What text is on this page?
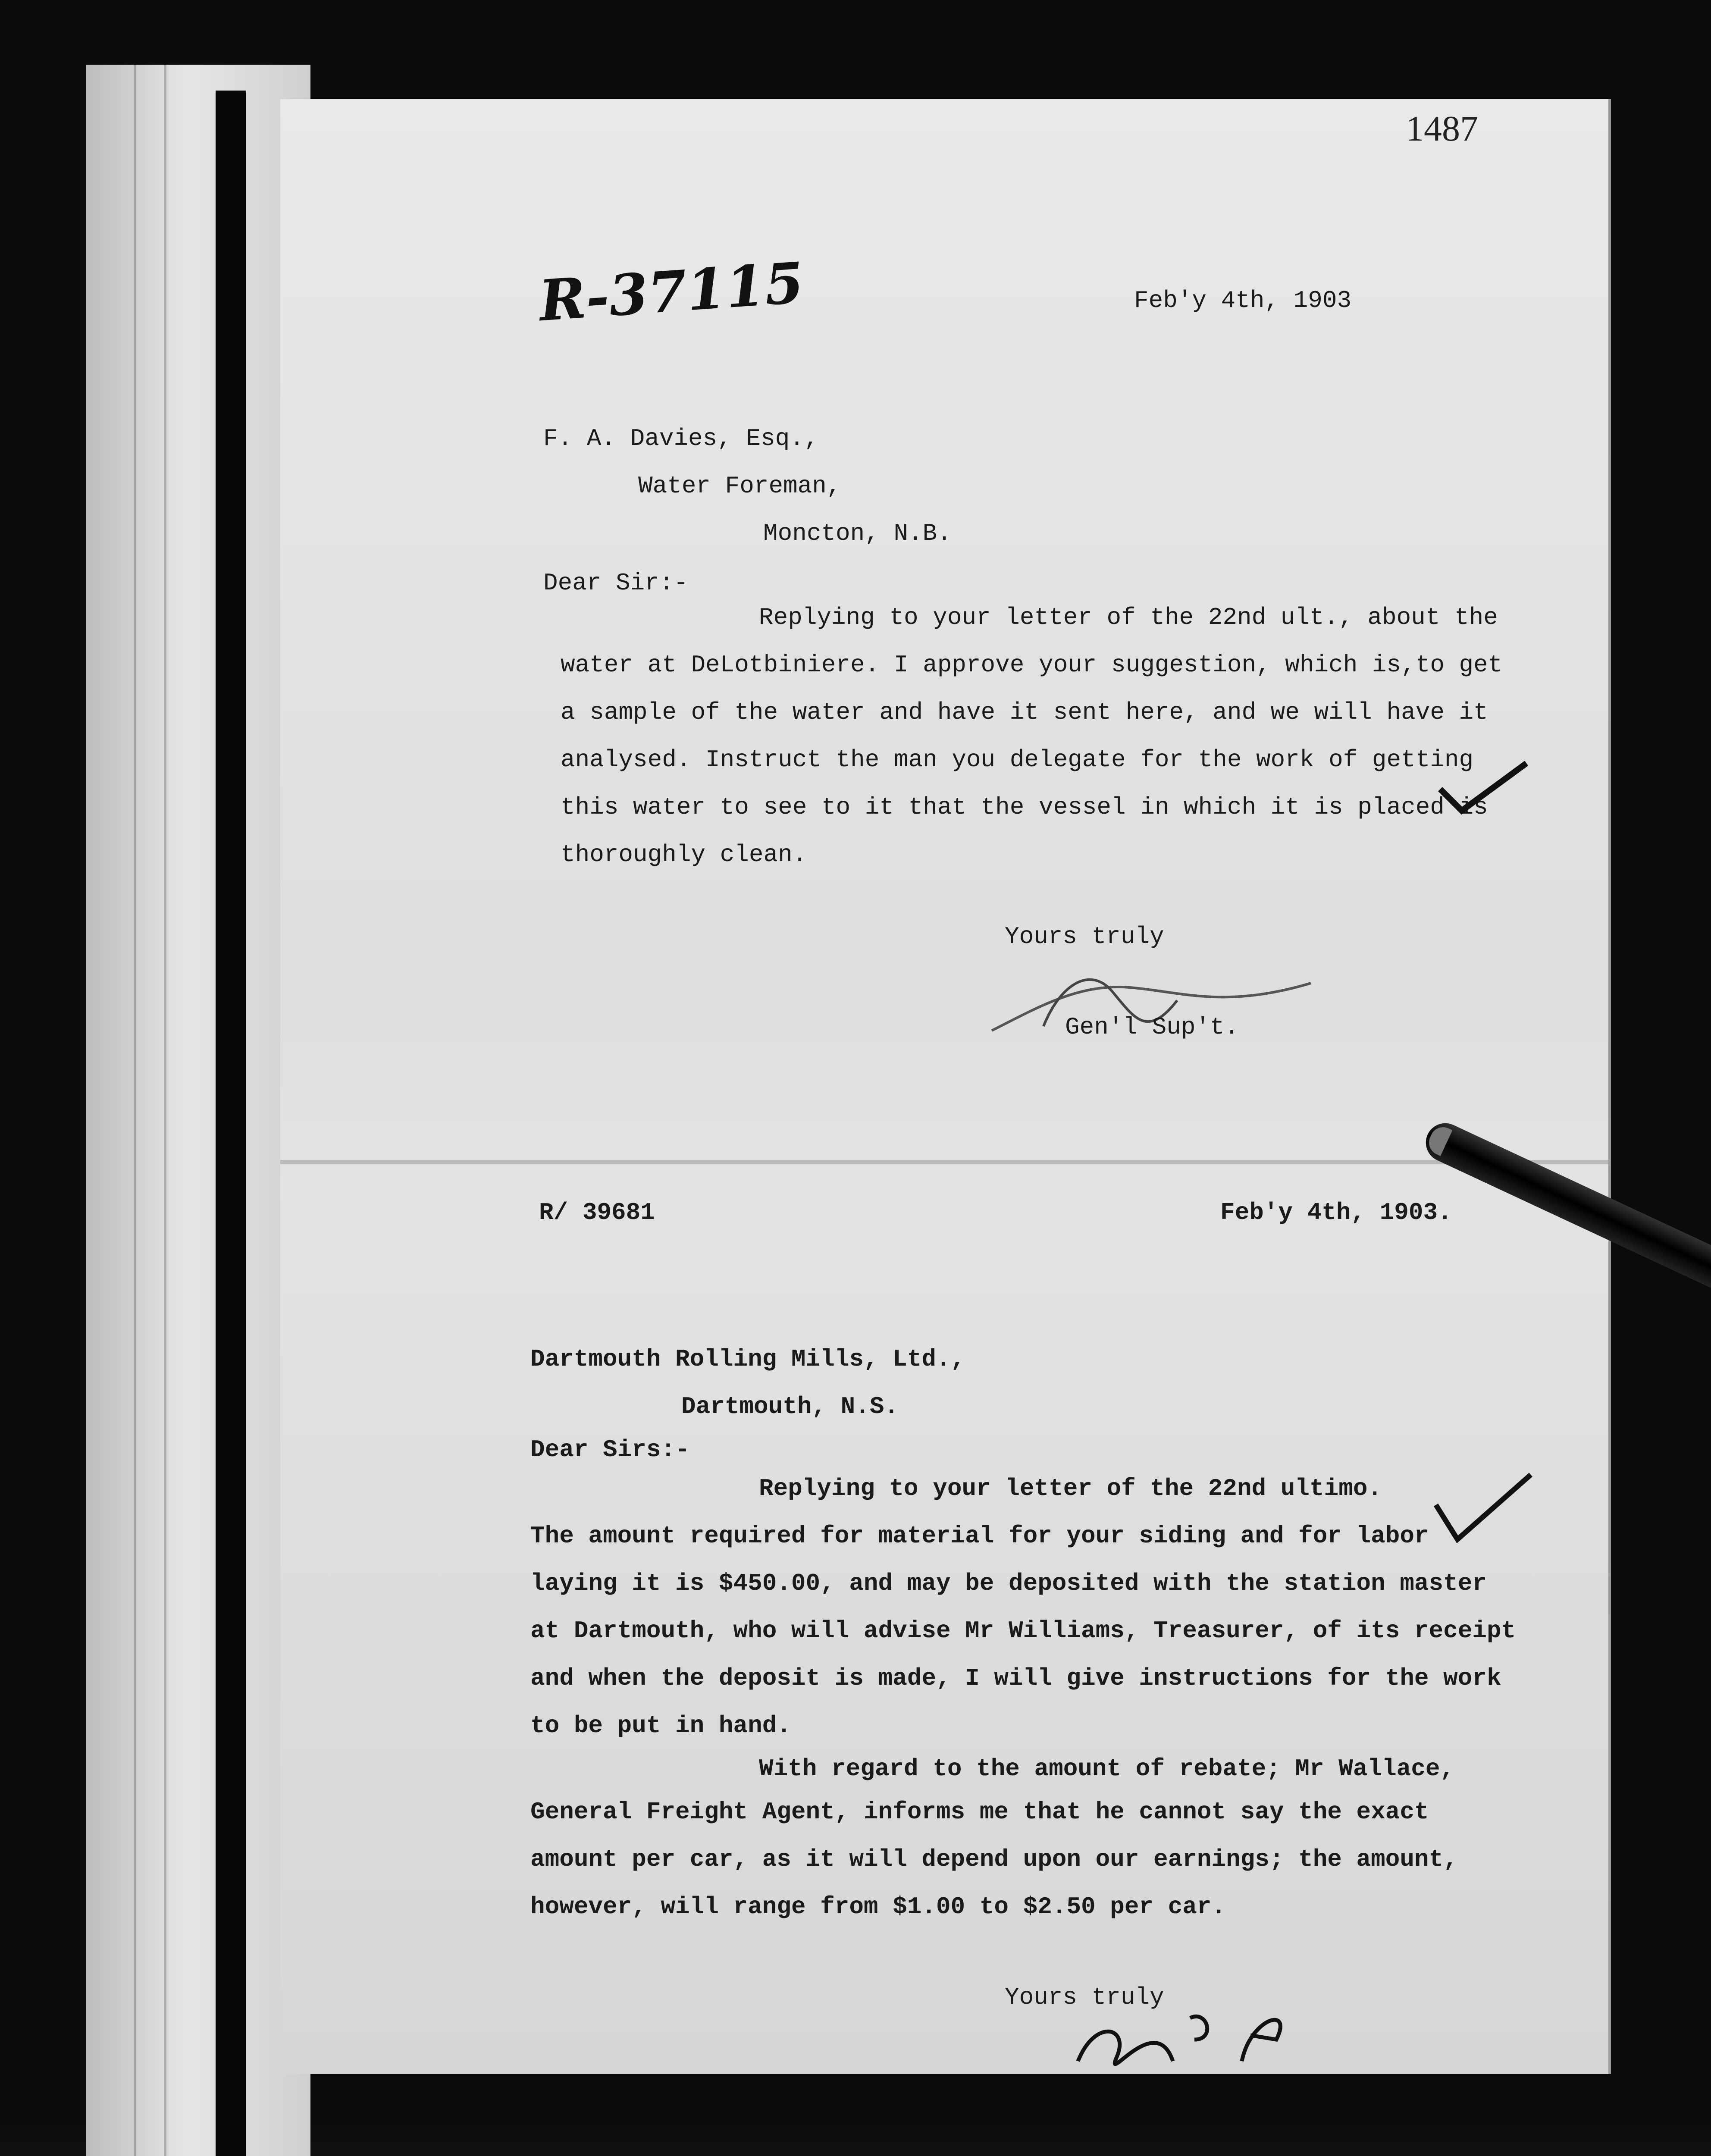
1487
R-37115	Feb'y 4th, 1903
F. A. Davies, Esq.,
Water Foreman,
Moncton, N.B.
Dear Sir:-
Replying to your letter of the 22nd ult., about the
water at DeLotbiniere. I approve your suggestion, which is,to get
a sample of the water and have it sent here, and we will have it
analysed. Instruct the man you delegate for the work of getting
this water to see to it that the vessel in which it is placed is
thoroughly clean.
Yours truly
Gen'l Sup't.
R/ 39681	Feb'y 4th, 1903.
Dartmouth Rolling Mills, Ltd.,
Dartmouth, N.S.
Dear Sirs:-
Replying to your letter of the 22nd ultimo.
The amount required for material for your siding and for labor
laying it is $450.00, and may be deposited with the station master
at Dartmouth, who will advise Mr Williams, Treasurer, of its receipt
and when the deposit is made, I will give instructions for the work
to be put in hand.
With regard to the amount of rebate; Mr Wallace,
General Freight Agent, informs me that he cannot say the exact
amount per car, as it will depend upon our earnings; the amount,
however, will range from $1.00 to $2.50 per car.
Yours truly
